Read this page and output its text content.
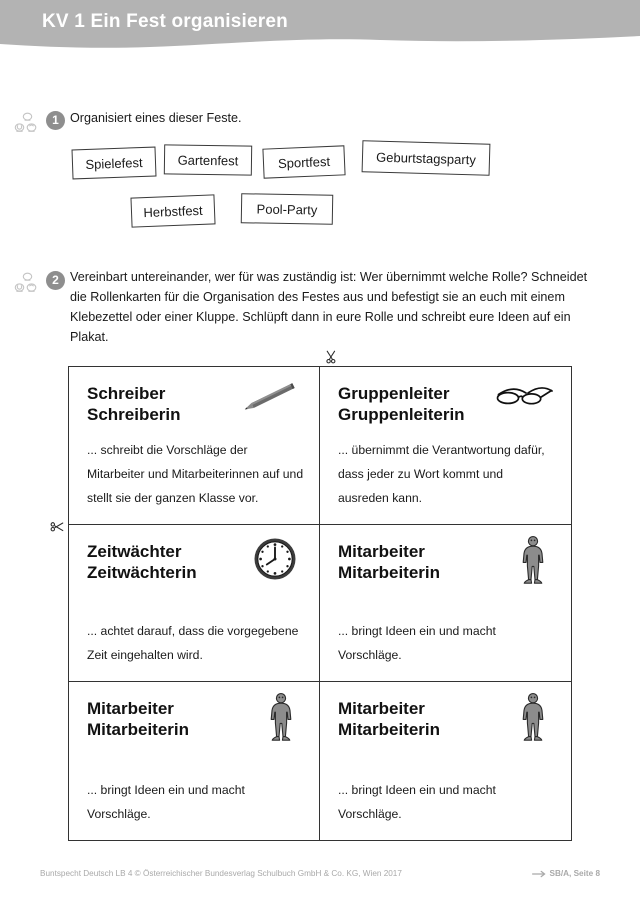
KV 1 Ein Fest organisieren
1 Organisiert eines dieser Feste.
Spielefest	Gartenfest	Sportfest	Geburtstagsparty
Herbstfest	Pool-Party
2 Vereinbart untereinander, wer für was zuständig ist: Wer übernimmt welche Rolle? Schneidet die Rollenkarten für die Organisation des Festes aus und befestigt sie an euch mit einem Klebezettel oder einer Kluppe. Schlüpft dann in eure Rolle und schreibt eure Ideen auf ein Plakat.
Schreiber
Schreiberin
... schreibt die Vorschläge der Mitarbeiter und Mitarbeiterinnen auf und stellt sie der ganzen Klasse vor.
Gruppenleiter
Gruppenleiterin
... übernimmt die Verantwortung dafür, dass jeder zu Wort kommt und ausreden kann.
Zeitwächter
Zeitwächterin
... achtet darauf, dass die vorgegebene Zeit eingehalten wird.
Mitarbeiter
Mitarbeiterin
... bringt Ideen ein und macht Vorschläge.
Mitarbeiter
Mitarbeiterin
... bringt Ideen ein und macht Vorschläge.
Mitarbeiter
Mitarbeiterin
... bringt Ideen ein und macht Vorschläge.
Buntspecht Deutsch LB 4 © Österreichischer Bundesverlag Schulbuch GmbH & Co. KG, Wien 2017	SB/A, Seite 8
